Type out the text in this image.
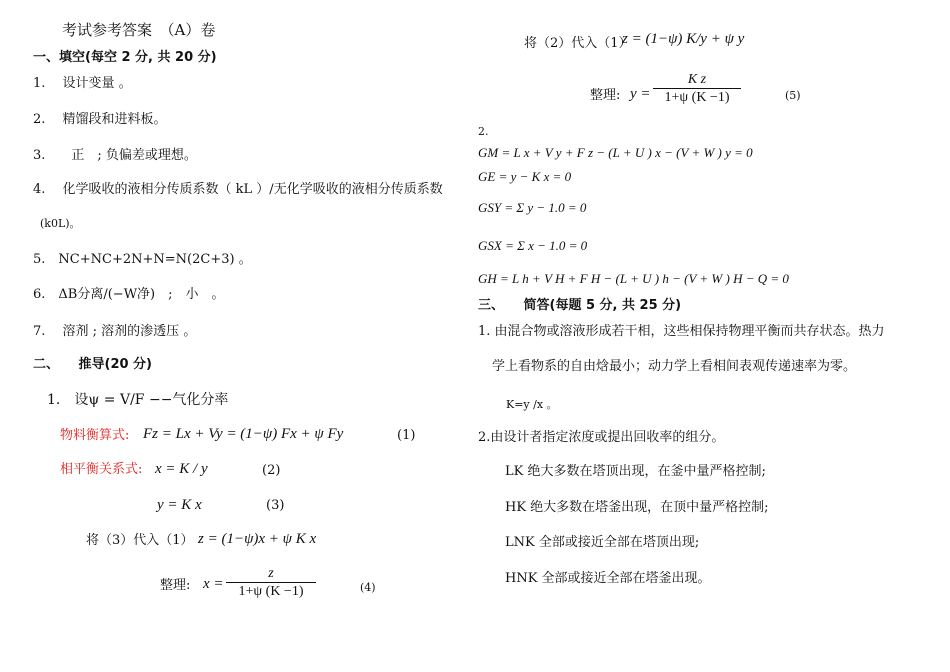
考试参考答案　（A）卷
一、填空(每空 2 分, 共 20 分)
1.　 设计变量 。
2.　 精馏段和进料板。
3.　　正　; 负偏差或理想。
4.　 化学吸收的液相分传质系数（ kL ）/无化学吸收的液相分传质系数
(k0L)。
5.　NC+NC+2N+N=N(2C+3) 。
6.　ΔB分离/(−W净)　;　小　。
7.　 溶剂 ; 溶剂的渗透压 。
二、　　推导(20 分)
1.　设ψ = V/F −−气化分率
物料衡算式: Fz = Lx + Vy = (1−ψ) Fx + ψ Fy	(1)
相平衡关系式: x = K / y	(2)
y = K x	(3)
将（3）代入（1） z = (1−ψ)x + ψ K x
整理: x =
z
1+ψ (K −1)	(4)
将（2）代入（1）
z = (1−ψ) K/y + ψ y
整理: y =
K z
1+ψ (K −1)	(5)
2.
GM = L x + V y + F z − (L + U ) x − (V + W ) y = 0
GE = y − K x = 0
GSY = Σ y − 1.0 = 0
GSX = Σ x − 1.0 = 0
GH = L h + V H + F H − (L + U ) h − (V + W ) H − Q = 0
三、　　简答(每题 5 分, 共 25 分)
1. 由混合物或溶液形成若干相，这些相保持物理平衡而共存状态。热力
学上看物系的自由焓最小；动力学上看相间表观传递速率为零。
K=y /x 。
2.由设计者指定浓度或提出回收率的组分。
LK 绝大多数在塔顶出现，在釜中量严格控制;
HK 绝大多数在塔釜出现，在顶中量严格控制;
LNK 全部或接近全部在塔顶出现;
HNK 全部或接近全部在塔釜出现。
